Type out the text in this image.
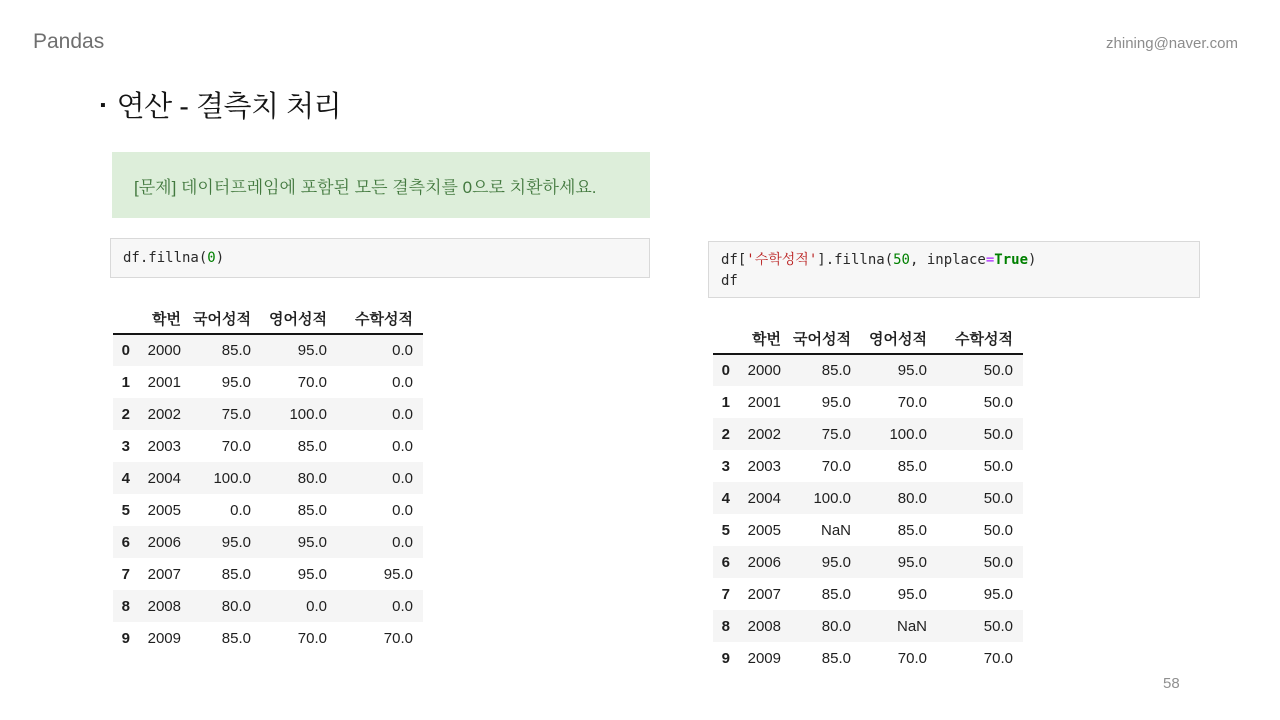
Pandas	zhining@naver.com
▪ 연산 - 결측치 처리
[문제] 데이터프레임에 포함된 모든 결측치를 0으로 치환하세요.
df.fillna(0)	df['수학성적'].fillna(50, inplace=True)
df
	학번	국어성적	영어성적	수학성적
0	2000	85.0	95.0	0.0
1	2001	95.0	70.0	0.0
2	2002	75.0	100.0	0.0
3	2003	70.0	85.0	0.0
4	2004	100.0	80.0	0.0
5	2005	0.0	85.0	0.0
6	2006	95.0	95.0	0.0
7	2007	85.0	95.0	95.0
8	2008	80.0	0.0	0.0
9	2009	85.0	70.0	70.0
	학번	국어성적	영어성적	수학성적
0	2000	85.0	95.0	50.0
1	2001	95.0	70.0	50.0
2	2002	75.0	100.0	50.0
3	2003	70.0	85.0	50.0
4	2004	100.0	80.0	50.0
5	2005	NaN	85.0	50.0
6	2006	95.0	95.0	50.0
7	2007	85.0	95.0	95.0
8	2008	80.0	NaN	50.0
9	2009	85.0	70.0	70.0
58
